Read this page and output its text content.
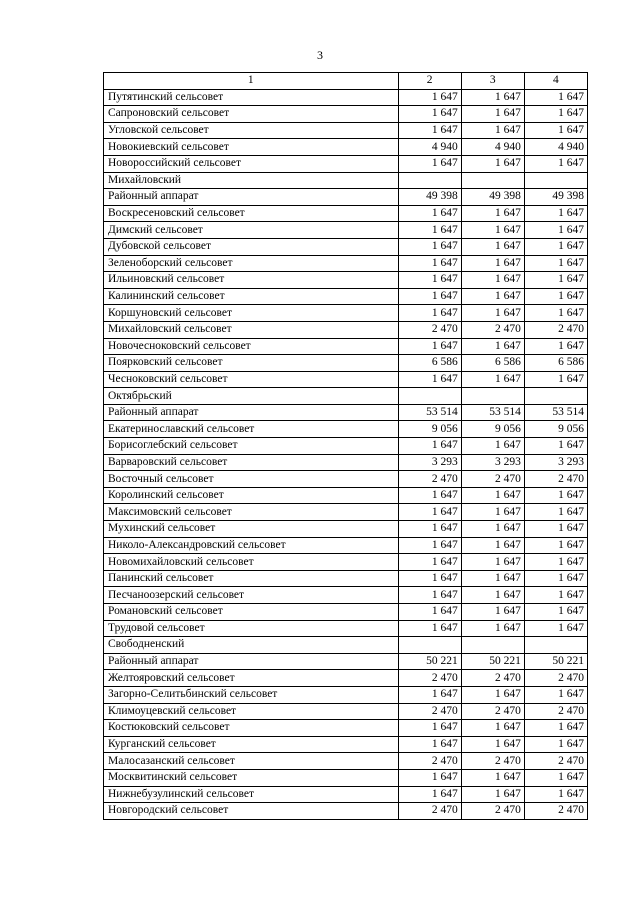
3
1	2	3	4
Путятинский сельсовет	1 647	1 647	1 647
Сапроновский сельсовет	1 647	1 647	1 647
Угловской сельсовет	1 647	1 647	1 647
Новокиевский сельсовет	4 940	4 940	4 940
Новороссийский сельсовет	1 647	1 647	1 647
Михайловский			
Районный аппарат	49 398	49 398	49 398
Воскресеновский сельсовет	1 647	1 647	1 647
Димский сельсовет	1 647	1 647	1 647
Дубовской сельсовет	1 647	1 647	1 647
Зеленоборский сельсовет	1 647	1 647	1 647
Ильиновский сельсовет	1 647	1 647	1 647
Калининский сельсовет	1 647	1 647	1 647
Коршуновский сельсовет	1 647	1 647	1 647
Михайловский сельсовет	2 470	2 470	2 470
Новочесноковский сельсовет	1 647	1 647	1 647
Поярковский сельсовет	6 586	6 586	6 586
Чесноковский сельсовет	1 647	1 647	1 647
Октябрьский			
Районный аппарат	53 514	53 514	53 514
Екатеринославский сельсовет	9 056	9 056	9 056
Борисоглебский сельсовет	1 647	1 647	1 647
Варваровский сельсовет	3 293	3 293	3 293
Восточный сельсовет	2 470	2 470	2 470
Королинский сельсовет	1 647	1 647	1 647
Максимовский сельсовет	1 647	1 647	1 647
Мухинский сельсовет	1 647	1 647	1 647
Николо-Александровский сельсовет	1 647	1 647	1 647
Новомихайловский сельсовет	1 647	1 647	1 647
Панинский сельсовет	1 647	1 647	1 647
Песчаноозерский сельсовет	1 647	1 647	1 647
Романовский сельсовет	1 647	1 647	1 647
Трудовой сельсовет	1 647	1 647	1 647
Свободненский			
Районный аппарат	50 221	50 221	50 221
Желтояровский сельсовет	2 470	2 470	2 470
Загорно-Селитьбинский сельсовет	1 647	1 647	1 647
Климоуцевский сельсовет	2 470	2 470	2 470
Костюковский сельсовет	1 647	1 647	1 647
Курганский сельсовет	1 647	1 647	1 647
Малосазанский сельсовет	2 470	2 470	2 470
Москвитинский сельсовет	1 647	1 647	1 647
Нижнебузулинский сельсовет	1 647	1 647	1 647
Новгородский сельсовет	2 470	2 470	2 470
